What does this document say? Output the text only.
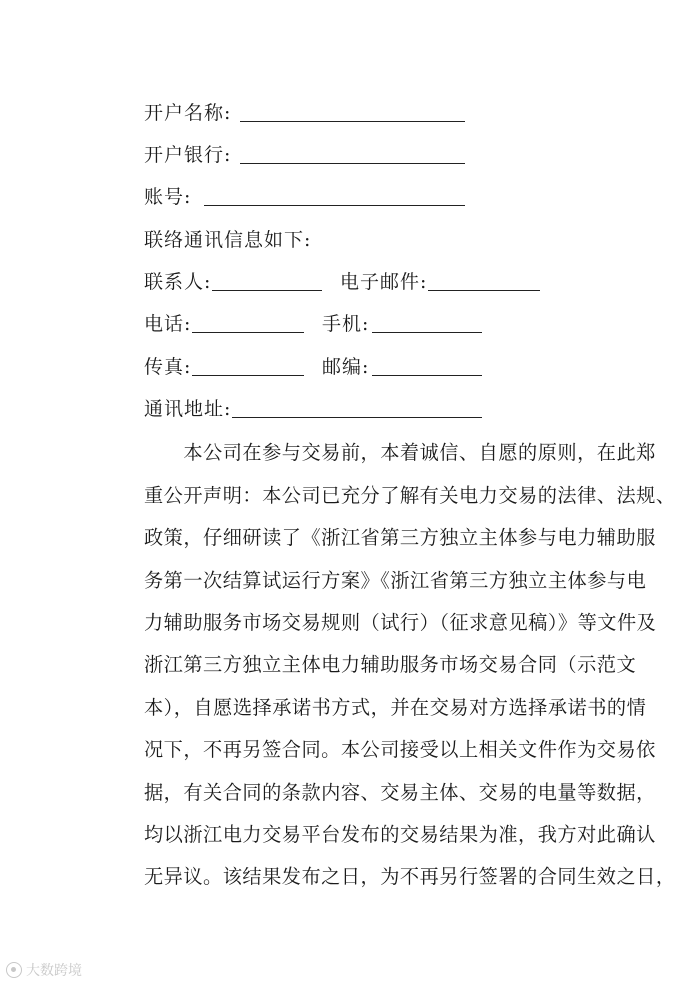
开户名称:
开户银行:
账号:
联络通讯信息如下:
联系人:	电子邮件:
电话:	手机:
传真:	邮编:
通讯地址:
　　本公司在参与交易前，本着诚信、自愿的原则，在此郑
重公开声明：本公司已充分了解有关电力交易的法律、法规、
政策，仔细研读了《浙江省第三方独立主体参与电力辅助服
务第一次结算试运行方案》《浙江省第三方独立主体参与电
力辅助服务市场交易规则（试行）（征求意见稿）》等文件及
浙江第三方独立主体电力辅助服务市场交易合同（示范文
本），自愿选择承诺书方式，并在交易对方选择承诺书的情
况下，不再另签合同。本公司接受以上相关文件作为交易依
据，有关合同的条款内容、交易主体、交易的电量等数据，
均以浙江电力交易平台发布的交易结果为准，我方对此确认
无异议。该结果发布之日，为不再另行签署的合同生效之日，
大数跨境
